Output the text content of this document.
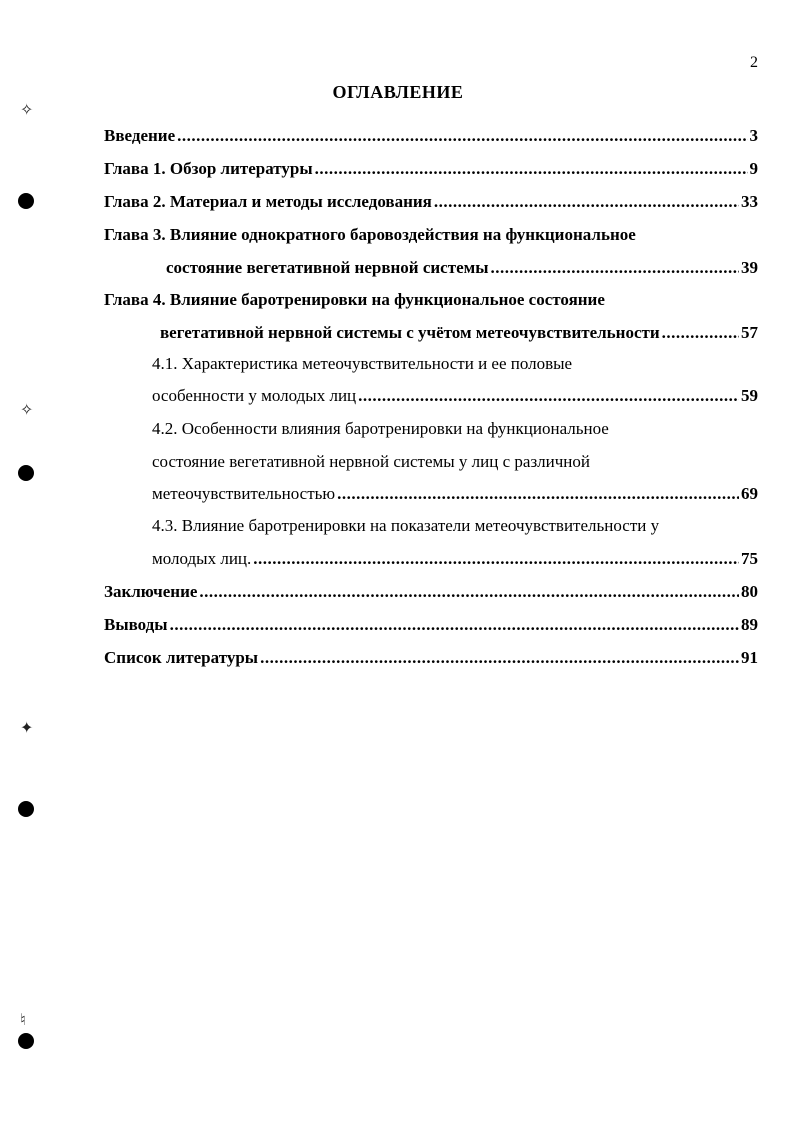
2
ОГЛАВЛЕНИЕ
Введение .....	3
Глава 1. Обзор литературы .....	9
Глава 2. Материал и методы исследования .....	33
Глава 3. Влияние однократного баровоздействия на функциональное
состояние вегетативной нервной системы .....	39
Глава 4. Влияние баротренировки на функциональное состояние
вегетативной нервной системы с учётом метеочувствительности .....	57
4.1. Характеристика метеочувствительности и ее половые
особенности у молодых лиц .....	59
4.2. Особенности влияния баротренировки на функциональное
состояние вегетативной нервной системы у лиц с различной
метеочувствительностью .....	69
4.3. Влияние баротренировки на показатели метеочувствительности у
молодых лиц. .....	75
Заключение .....	80
Выводы .....	89
Список литературы .....	91
✧
✧
✦
♮
